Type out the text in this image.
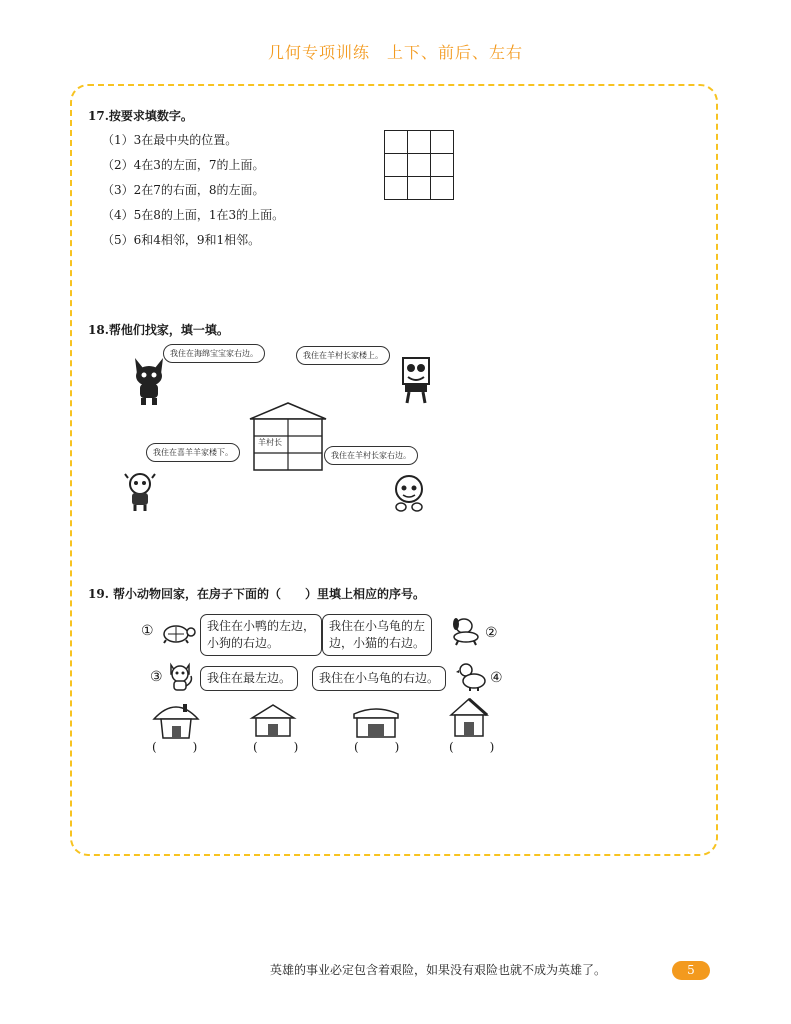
几何专项训练　上下、前后、左右
17.按要求填数字。
（1）3在最中央的位置。
（2）4在3的左面，7的上面。
（3）2在7的右面，8的左面。
（4）5在8的上面，1在3的上面。
（5）6和4相邻，9和1相邻。

18.帮他们找家，填一填。
我住在海绵宝宝家右边。	我住在羊村长家楼上。
我住在喜羊羊家楼下。	我住在羊村长家右边。
羊村长
19. 帮小动物回家，在房子下面的（　　）里填上相应的序号。
①	我住在小鸭的左边，
小狗的右边。
我住在小乌龟的左
边，小猫的右边。
②
③	我住在最左边。	我住在小乌龟的右边。	④
(　　)	(　　)	(　　)	(　　)
英雄的事业必定包含着艰险，如果没有艰险也就不成为英雄了。	5
